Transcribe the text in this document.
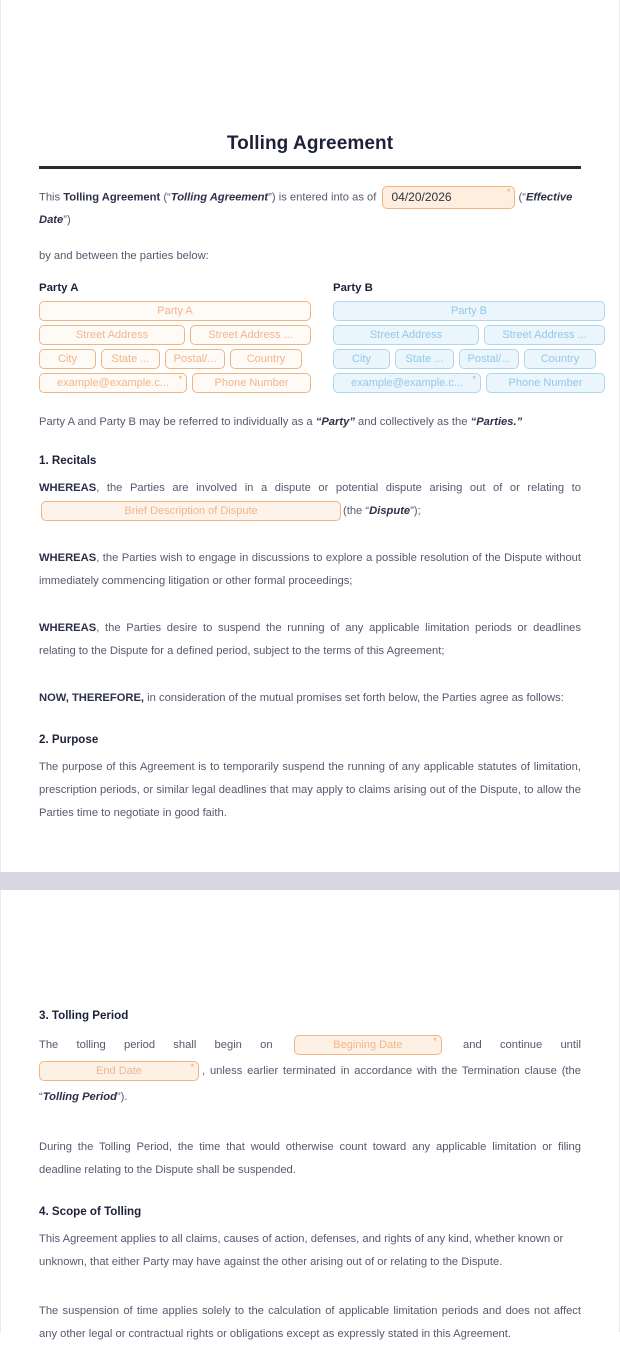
Tolling Agreement

This Tolling Agreement (“Tolling Agreement”) is entered into as of 04/20/2026	* (“Effective Date”)

by and between the parties below:

Party A
Party A
Street Address	Street Address ...
City	State ...	Postal/...	Country
example@example.c... *	Phone Number
Party B
Party B
Street Address	Street Address ...
City	State ...	Postal/...	Country
example@example.c... *	Phone Number

Party A and Party B may be referred to individually as a “Party” and collectively as the “Parties.”

1. Recitals

WHEREAS, the Parties are involved in a dispute or potential dispute arising out of or relating to Brief Description of Dispute	(the “Dispute”);

WHEREAS, the Parties wish to engage in discussions to explore a possible resolution of the Dispute without immediately commencing litigation or other formal proceedings;

WHEREAS, the Parties desire to suspend the running of any applicable limitation periods or deadlines relating to the Dispute for a defined period, subject to the terms of this Agreement;

NOW, THEREFORE, in consideration of the mutual promises set forth below, the Parties agree as follows:

2. Purpose

The purpose of this Agreement is to temporarily suspend the running of any applicable statutes of limitation, prescription periods, or similar legal deadlines that may apply to claims arising out of the Dispute, to allow the Parties time to negotiate in good faith.

3. Tolling Period

The tolling period shall begin on	Begining Date	* and continue until End Date	* , unless earlier terminated in accordance with the Termination clause (the “Tolling Period”).

During the Tolling Period, the time that would otherwise count toward any applicable limitation or filing deadline relating to the Dispute shall be suspended.

4. Scope of Tolling

This Agreement applies to all claims, causes of action, defenses, and rights of any kind, whether known or unknown, that either Party may have against the other arising out of or relating to the Dispute.

The suspension of time applies solely to the calculation of applicable limitation periods and does not affect any other legal or contractual rights or obligations except as expressly stated in this Agreement.
